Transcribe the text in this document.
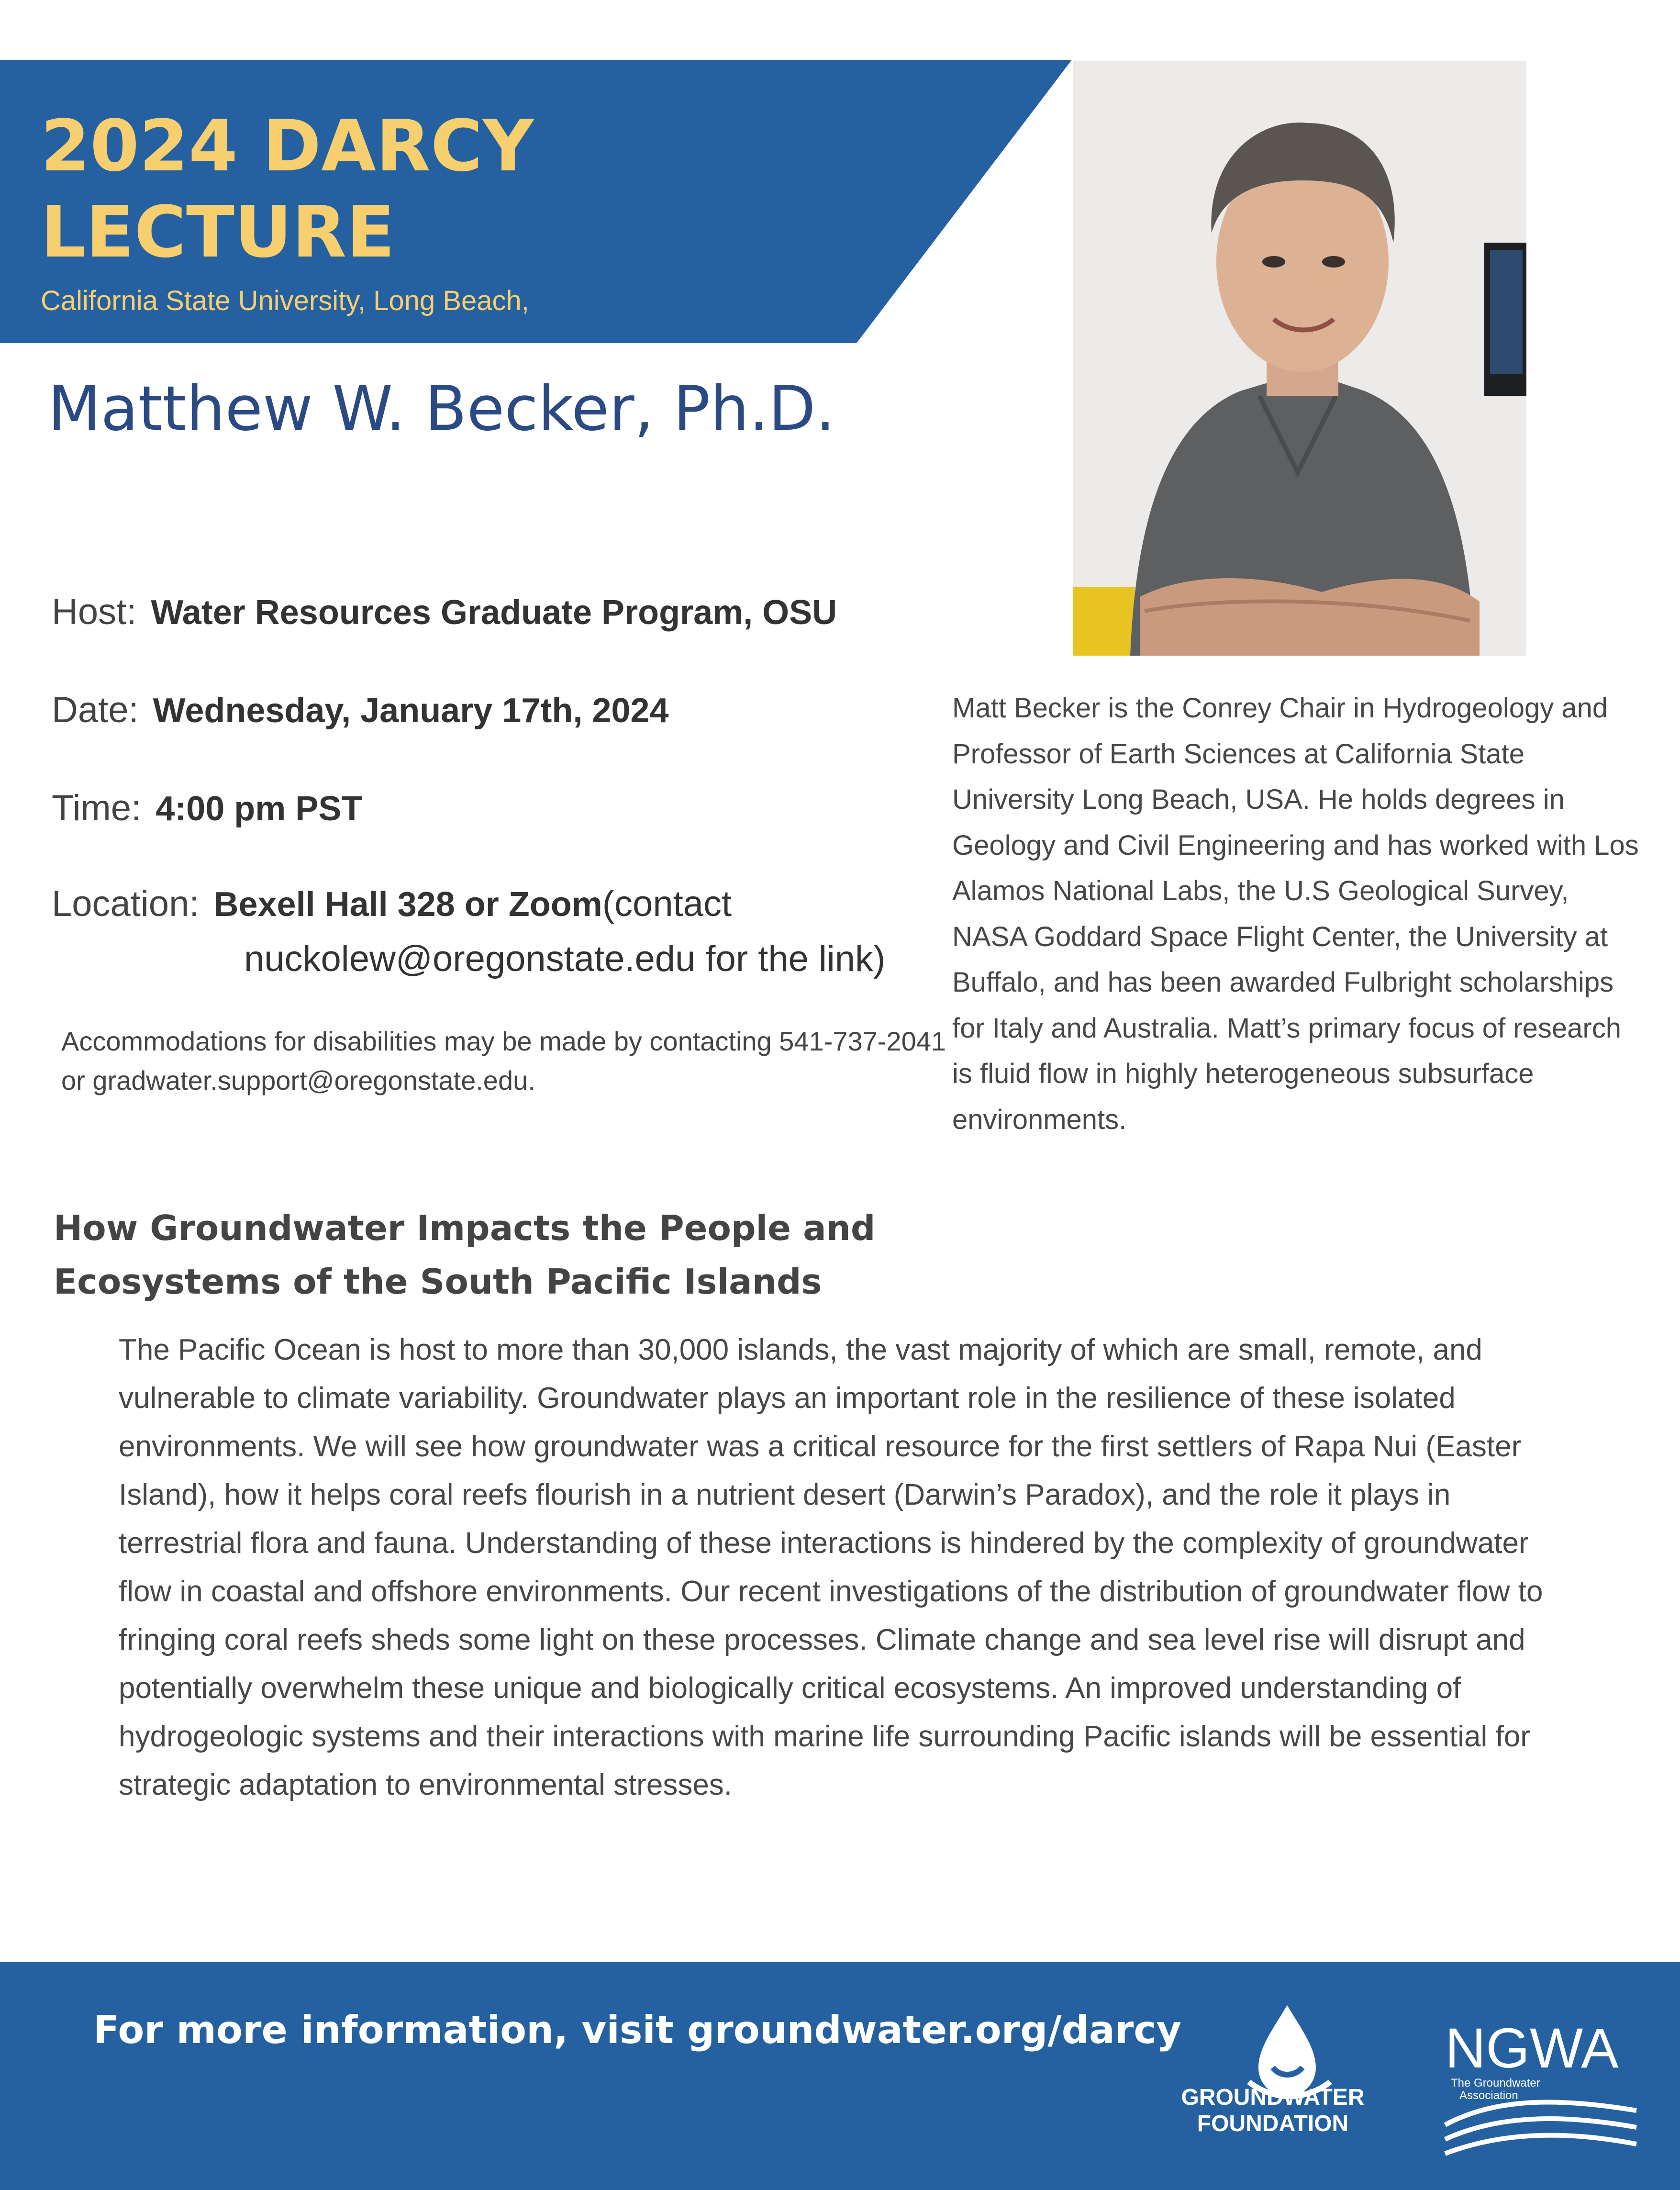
2024 DARCY
LECTURE
California State University, Long Beach,
Matthew W. Becker, Ph.D.
Host: Water Resources Graduate Program, OSU
Date: Wednesday, January 17th, 2024
Time: 4:00 pm PST
Location: Bexell Hall 328 or Zoom (contact
nuckolew@oregonstate.edu for the link)
Accommodations for disabilities may be made by contacting 541-737-2041 or gradwater.support@oregonstate.edu.
Matt Becker is the Conrey Chair in Hydrogeology and Professor of Earth Sciences at California State University Long Beach, USA. He holds degrees in Geology and Civil Engineering and has worked with Los Alamos National Labs, the U.S Geological Survey, NASA Goddard Space Flight Center, the University at Buffalo, and has been awarded Fulbright scholarships for Italy and Australia. Matt’s primary focus of research is fluid flow in highly heterogeneous subsurface environments.
How Groundwater Impacts the People and Ecosystems of the South Pacific Islands
The Pacific Ocean is host to more than 30,000 islands, the vast majority of which are small, remote, and vulnerable to climate variability. Groundwater plays an important role in the resilience of these isolated environments. We will see how groundwater was a critical resource for the first settlers of Rapa Nui (Easter Island), how it helps coral reefs flourish in a nutrient desert (Darwin’s Paradox), and the role it plays in terrestrial flora and fauna. Understanding of these interactions is hindered by the complexity of groundwater flow in coastal and offshore environments. Our recent investigations of the distribution of groundwater flow to fringing coral reefs sheds some light on these processes. Climate change and sea level rise will disrupt and potentially overwhelm these unique and biologically critical ecosystems. An improved understanding of hydrogeologic systems and their interactions with marine life surrounding Pacific islands will be essential for strategic adaptation to environmental stresses.
For more information, visit groundwater.org/darcy
GROUNDWATER
FOUNDATION
NGWA
The Groundwater
Association
